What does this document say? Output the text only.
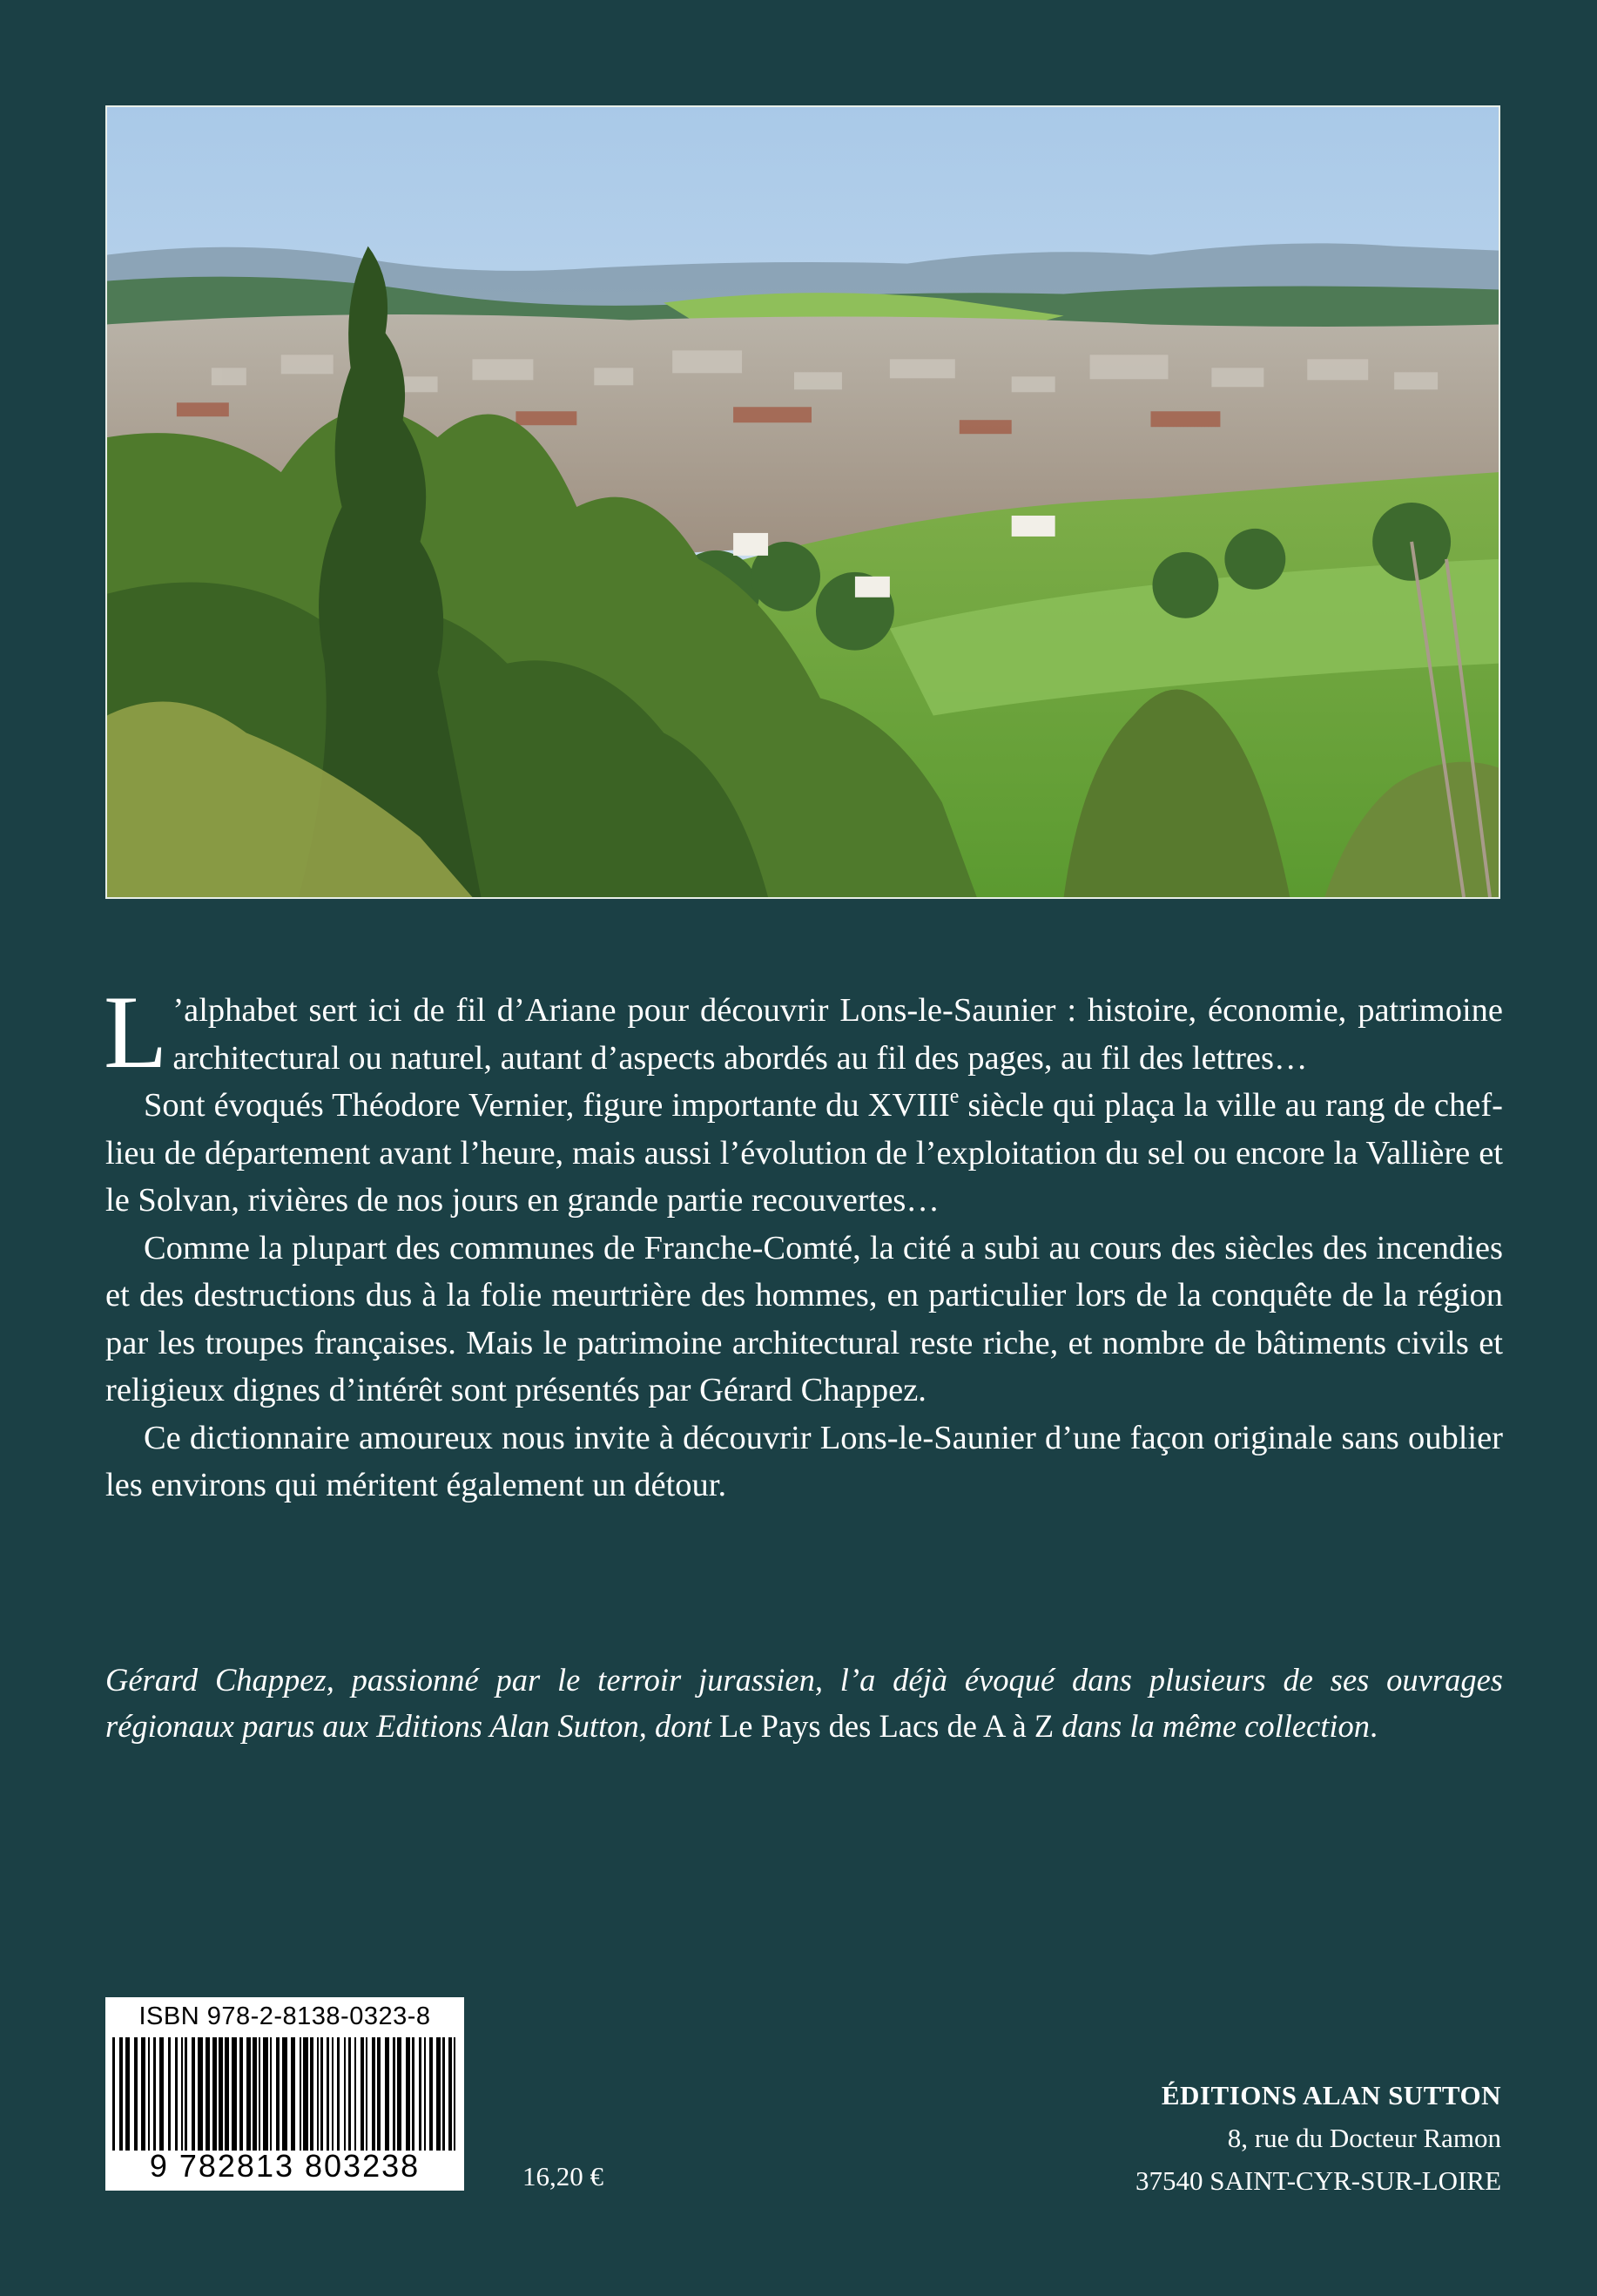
L ’alphabet sert ici de fil d’Ariane pour découvrir Lons-le-Saunier : histoire, économie, patrimoine architectural ou naturel, autant d’aspects abordés au fil des pages, au fil des lettres…

Sont évoqués Théodore Vernier, figure importante du XVIIIe siècle qui plaça la ville au rang de chef-lieu de département avant l’heure, mais aussi l’évolution de l’exploitation du sel ou encore la Vallière et le Solvan, rivières de nos jours en grande partie recouvertes…

Comme la plupart des communes de Franche-Comté, la cité a subi au cours des siècles des incendies et des destructions dus à la folie meurtrière des hommes, en particulier lors de la conquête de la région par les troupes françaises. Mais le patrimoine architectural reste riche, et nombre de bâtiments civils et religieux dignes d’intérêt sont présentés par Gérard Chappez.

Ce dictionnaire amoureux nous invite à découvrir Lons-le-Saunier d’une façon originale sans oublier les environs qui méritent également un détour.

Gérard Chappez, passionné par le terroir jurassien, l’a déjà évoqué dans plusieurs de ses ouvrages régionaux parus aux Editions Alan Sutton, dont Le Pays des Lacs de A à Z dans la même collection.

ISBN 978-2-8138-0323-8
9 782813 803238	16,20 €
ÉDITIONS ALAN SUTTON
8, rue du Docteur Ramon
37540 SAINT-CYR-SUR-LOIRE
